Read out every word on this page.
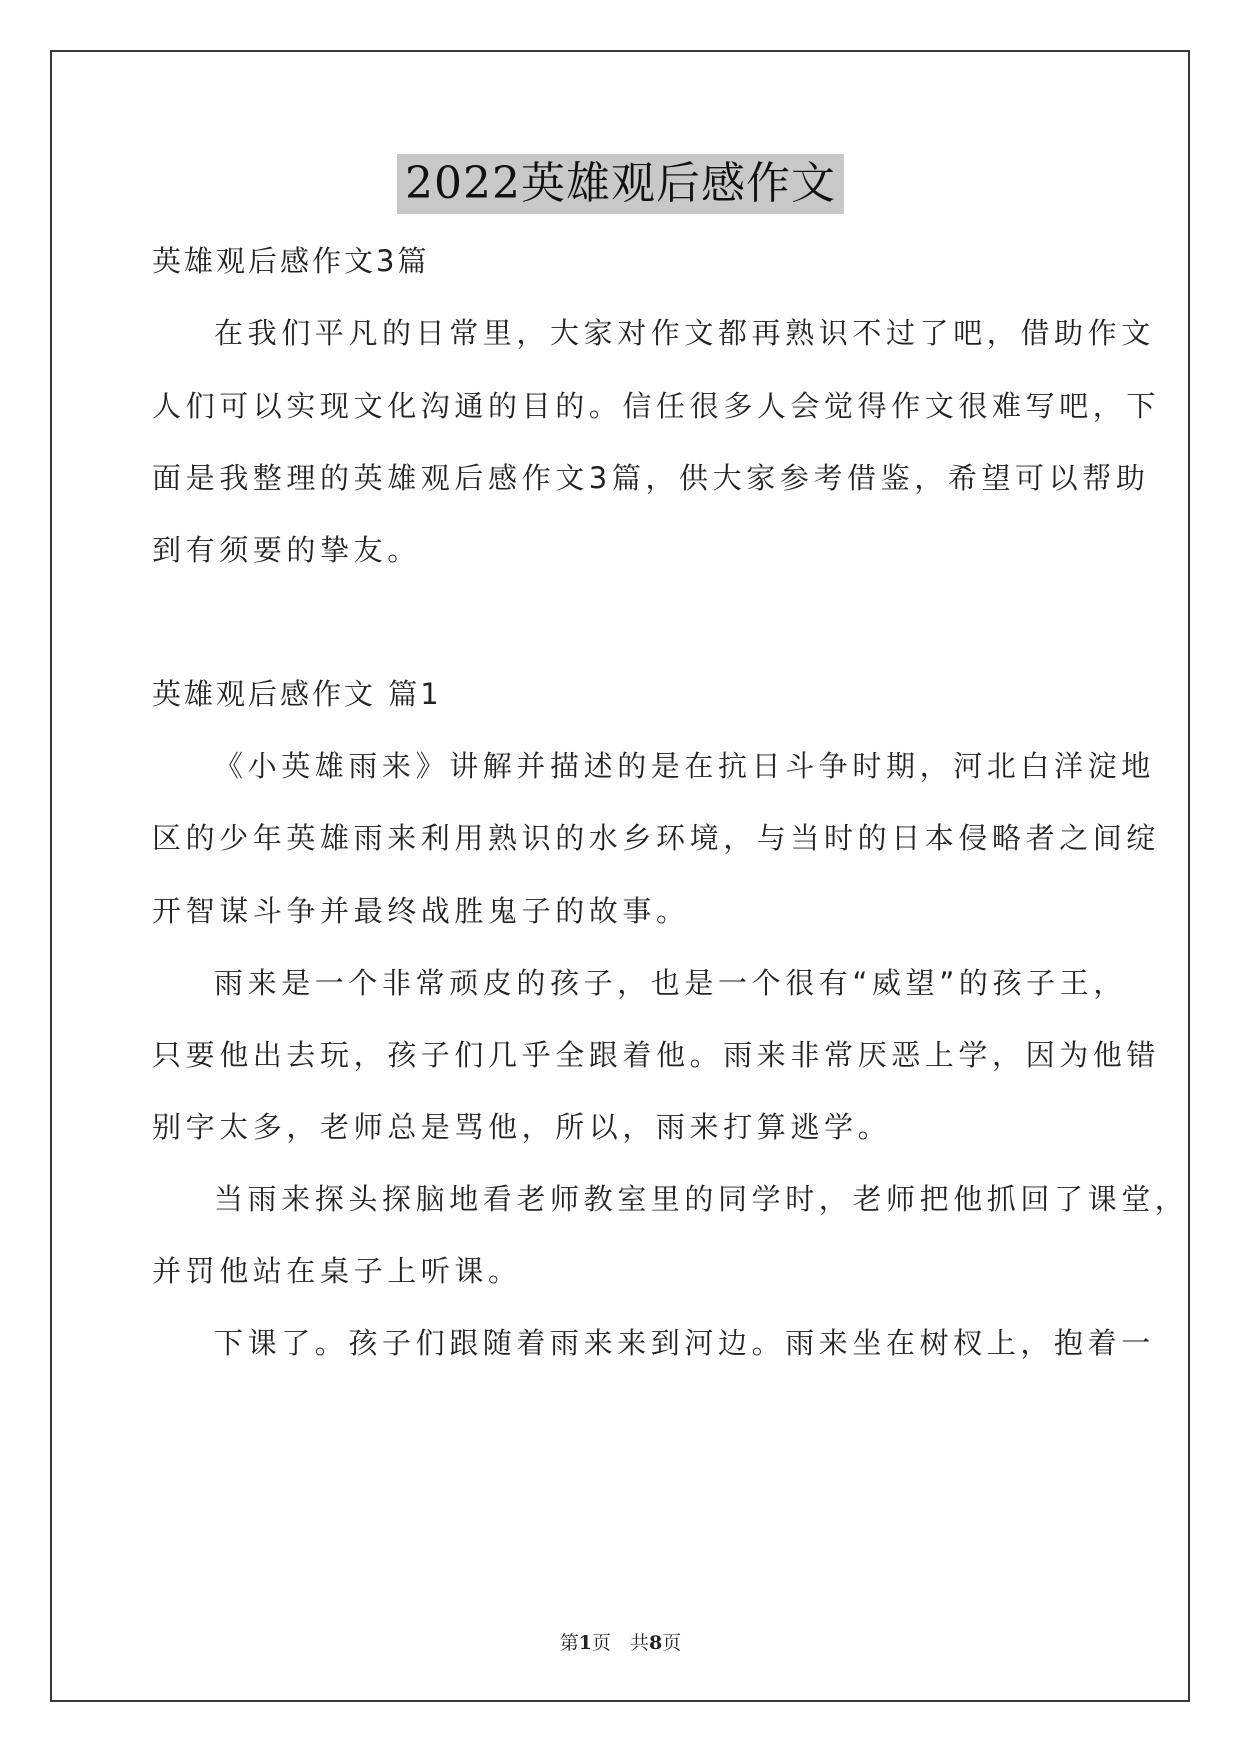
2022英雄观后感作文
英雄观后感作文3篇
在我们平凡的日常里，大家对作文都再熟识不过了吧，借助作文
人们可以实现文化沟通的目的。信任很多人会觉得作文很难写吧，下
面是我整理的英雄观后感作文3篇，供大家参考借鉴，希望可以帮助
到有须要的挚友。
英雄观后感作文 篇1
《小英雄雨来》讲解并描述的是在抗日斗争时期，河北白洋淀地
区的少年英雄雨来利用熟识的水乡环境，与当时的日本侵略者之间绽
开智谋斗争并最终战胜鬼子的故事。
雨来是一个非常顽皮的孩子，也是一个很有“威望”的孩子王，
只要他出去玩，孩子们几乎全跟着他。雨来非常厌恶上学，因为他错
别字太多，老师总是骂他，所以，雨来打算逃学。
当雨来探头探脑地看老师教室里的同学时，老师把他抓回了课堂，
并罚他站在桌子上听课。
下课了。孩子们跟随着雨来来到河边。雨来坐在树杈上，抱着一
第1页　共8页
